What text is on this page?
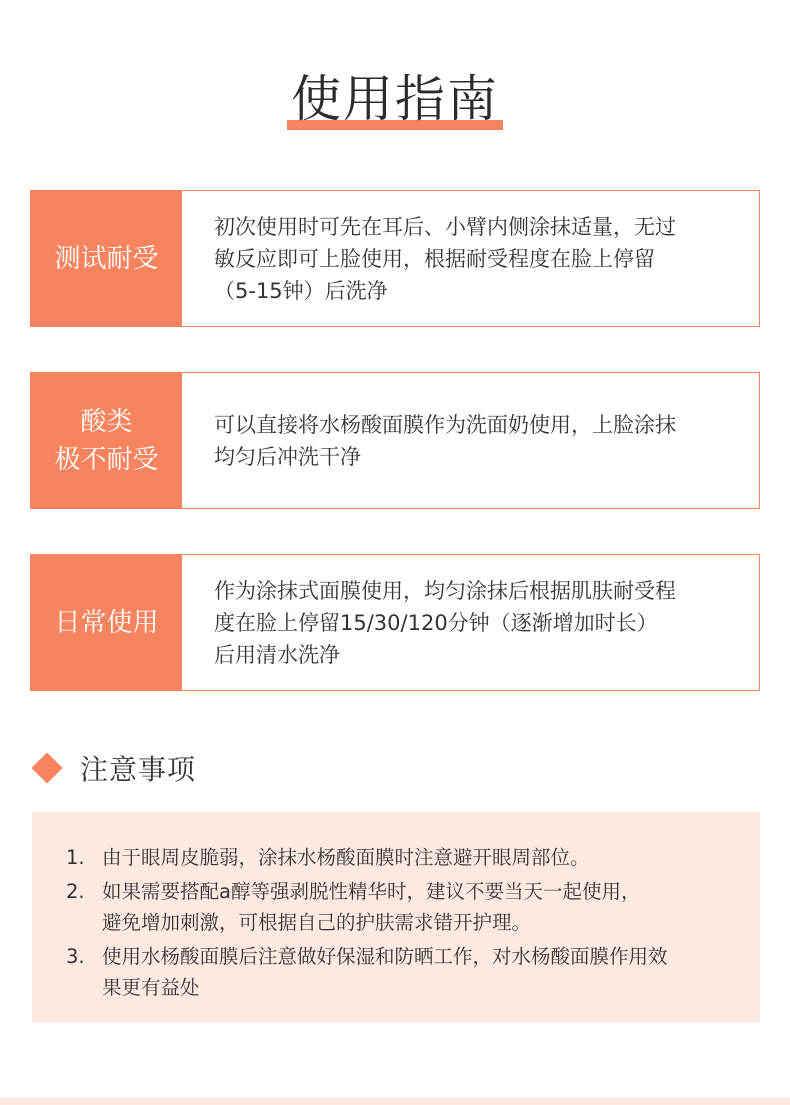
使用指南
测试耐受
初次使用时可先在耳后、小臂内侧涂抹适量，无过
敏反应即可上脸使用，根据耐受程度在脸上停留
（5-15钟）后洗净
酸类
极不耐受
可以直接将水杨酸面膜作为洗面奶使用，上脸涂抹
均匀后冲洗干净
日常使用
作为涂抹式面膜使用，均匀涂抹后根据肌肤耐受程
度在脸上停留15/30/120分钟（逐渐增加时长）
后用清水洗净
注意事项
1. 由于眼周皮脆弱，涂抹水杨酸面膜时注意避开眼周部位。
2. 如果需要搭配a醇等强剥脱性精华时，建议不要当天一起使用，
避免增加刺激，可根据自己的护肤需求错开护理。
3. 使用水杨酸面膜后注意做好保湿和防晒工作，对水杨酸面膜作用效
果更有益处
